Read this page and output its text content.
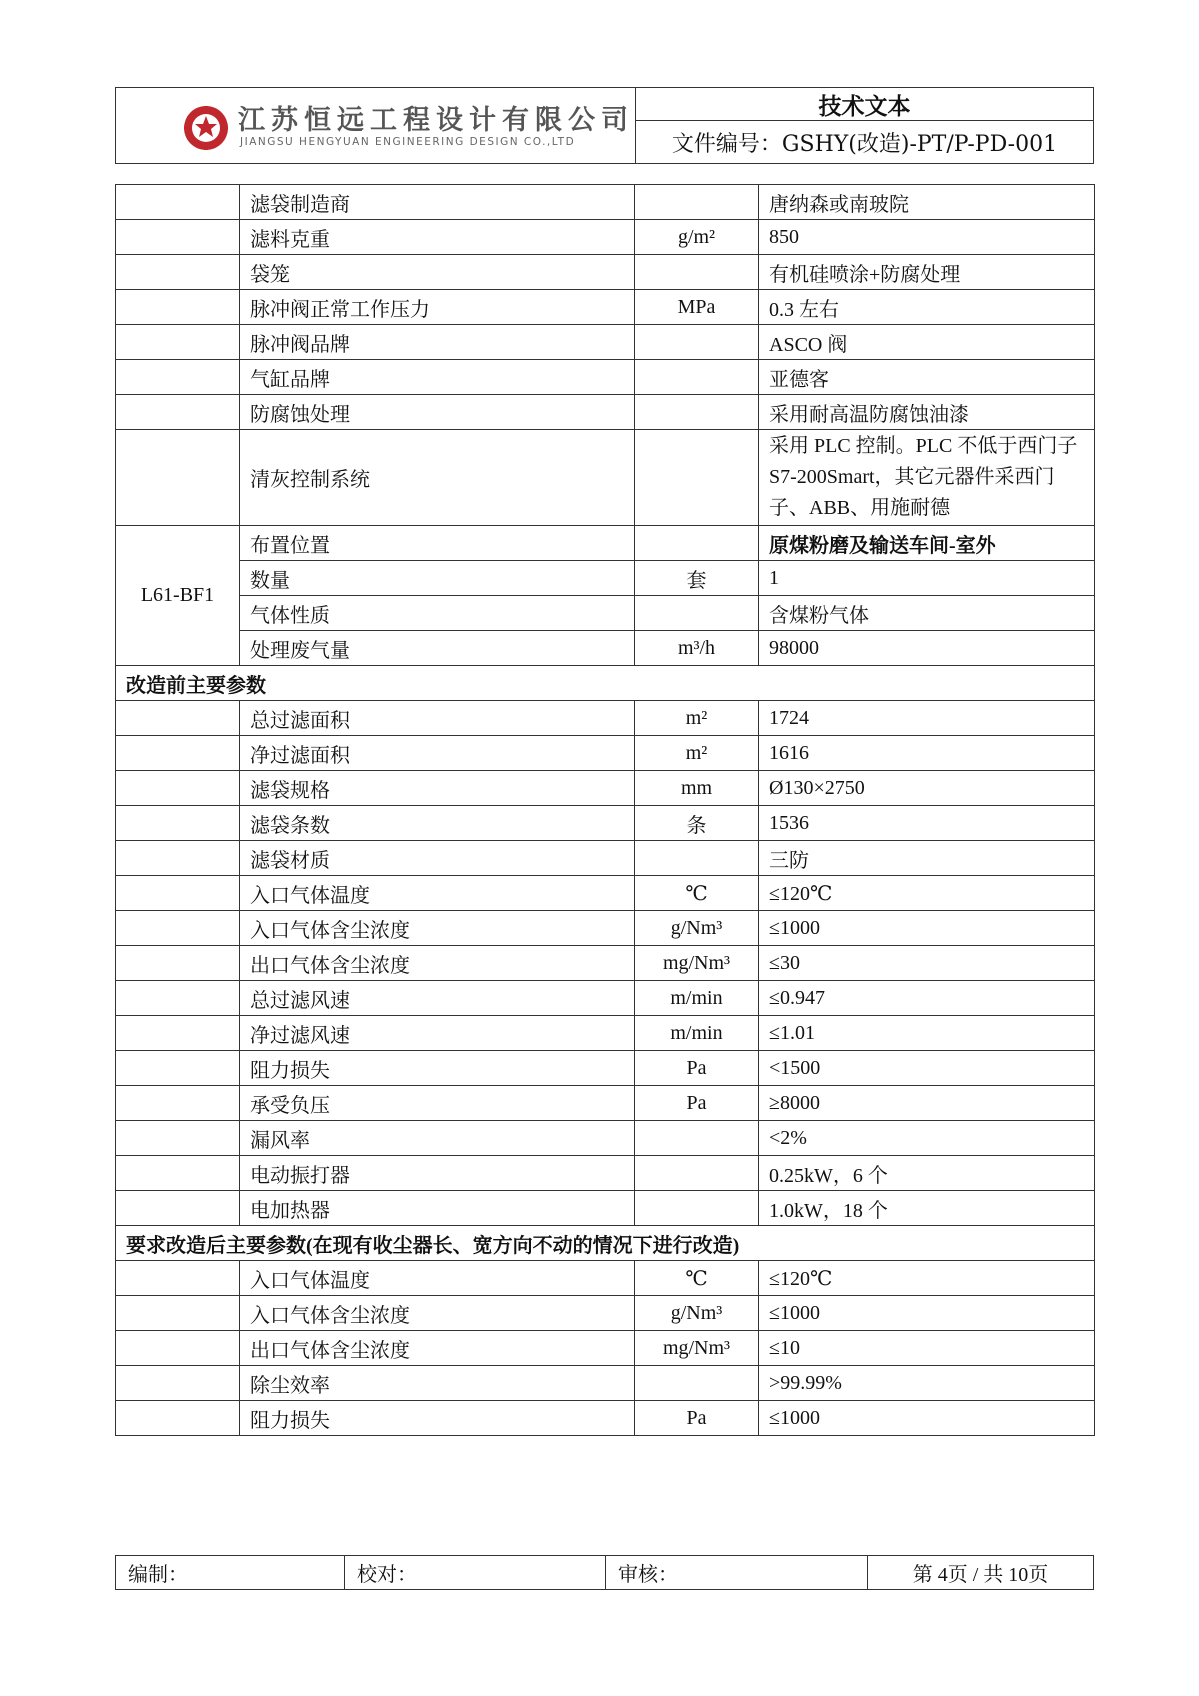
江苏恒远工程设计有限公司
JIANGSU HENGYUAN ENGINEERING DESIGN CO.,LTD
技术文本
文件编号：GSHY(改造)-PT/P-PD-001
	滤袋制造商		唐纳森或南玻院
	滤料克重	g/m²	850
	袋笼		有机硅喷涂+防腐处理
	脉冲阀正常工作压力	MPa	0.3 左右
	脉冲阀品牌		ASCO 阀
	气缸品牌		亚德客
	防腐蚀处理		采用耐高温防腐蚀油漆
	清灰控制系统		采用 PLC 控制。PLC 不低于西门子 S7-200Smart，其它元器件采西门子、ABB、用施耐德
L61-BF1	布置位置		原煤粉磨及输送车间-室外
	数量	套	1
	气体性质		含煤粉气体
	处理废气量	m³/h	98000
改造前主要参数			
	总过滤面积	m²	1724
	净过滤面积	m²	1616
	滤袋规格	mm	Ø130×2750
	滤袋条数	条	1536
	滤袋材质		三防
	入口气体温度	℃	≤120℃
	入口气体含尘浓度	g/Nm³	≤1000
	出口气体含尘浓度	mg/Nm³	≤30
	总过滤风速	m/min	≤0.947
	净过滤风速	m/min	≤1.01
	阻力损失	Pa	<1500
	承受负压	Pa	≥8000
	漏风率		<2%
	电动振打器		0.25kW，6 个
	电加热器		1.0kW，18 个
要求改造后主要参数(在现有收尘器长、宽方向不动的情况下进行改造)			
	入口气体温度	℃	≤120℃
	入口气体含尘浓度	g/Nm³	≤1000
	出口气体含尘浓度	mg/Nm³	≤10
	除尘效率		>99.99%
	阻力损失	Pa	≤1000
编制：	校对：	审核：	第 4页 / 共 10页
